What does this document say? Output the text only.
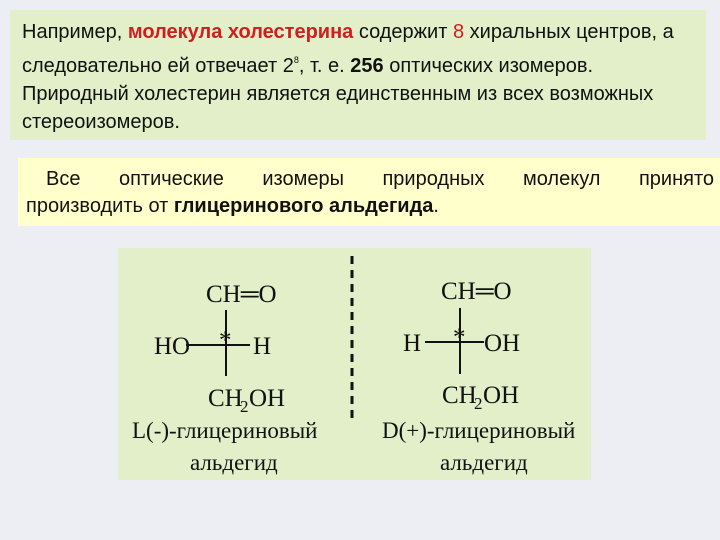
Например, молекула холестерина содержит 8 хиральных центров, а следовательно ей отвечает $2^8$, т. е. 256 оптических изомеров. Природный холестерин является единственным из всех возможных стереоизомеров.
Все оптические изомеры природных молекул принято
производить от глицеринового альдегида.
CH═O
HO	H
*
CH
2 OH
L(-)-глицериновый
альдегид
CH═O
H	OH
*
CH
2 OH
D(+)-глицериновый
альдегид
